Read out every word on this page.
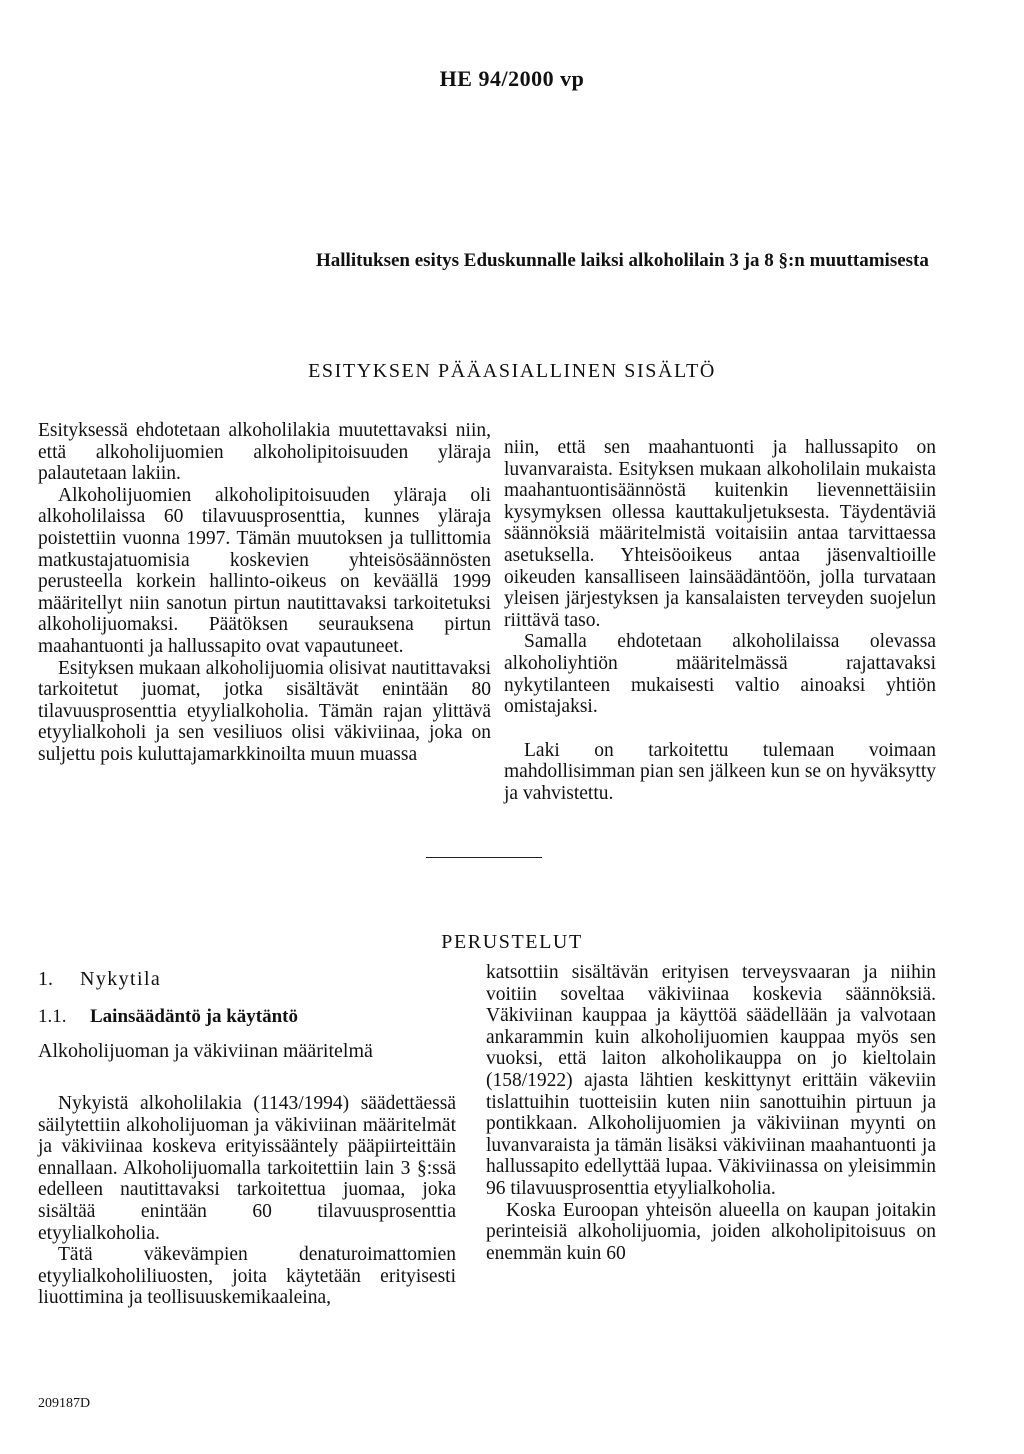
HE 94/2000 vp
Hallituksen esitys Eduskunnalle laiksi alkoholilain 3 ja 8 §:n muuttamisesta
ESITYKSEN PÄÄASIALLINEN SISÄLTÖ

Esityksessä ehdotetaan alkoholilakia muutettavaksi niin, että alkoholijuomien alkoholipitoisuuden yläraja palautetaan lakiin.

Alkoholijuomien alkoholipitoisuuden yläraja oli alkoholilaissa 60 tilavuusprosenttia, kunnes yläraja poistettiin vuonna 1997. Tämän muutoksen ja tullittomia matkustajatuomisia koskevien yhteisösäännösten perusteella korkein hallinto-oikeus on keväällä 1999 määritellyt niin sanotun pirtun nautittavaksi tarkoitetuksi alkoholijuomaksi. Päätöksen seurauksena pirtun maahantuonti ja hallussapito ovat vapautuneet.

Esityksen mukaan alkoholijuomia olisivat nautittavaksi tarkoitetut juomat, jotka sisältävät enintään 80 tilavuusprosenttia etyylialkoholia. Tämän rajan ylittävä etyylialkoholi ja sen vesiliuos olisi väkiviinaa, joka on suljettu pois kuluttajamarkkinoilta muun muassa

niin, että sen maahantuonti ja hallussapito on luvanvaraista. Esityksen mukaan alkoholilain mukaista maahantuontisäännöstä kuitenkin lievennettäisiin kysymyksen ollessa kauttakuljetuksesta. Täydentäviä säännöksiä määritelmistä voitaisiin antaa tarvittaessa asetuksella. Yhteisöoikeus antaa jäsenvaltioille oikeuden kansalliseen lainsäädäntöön, jolla turvataan yleisen järjestyksen ja kansalaisten terveyden suojelun riittävä taso.

Samalla ehdotetaan alkoholilaissa olevassa alkoholiyhtiön määritelmässä rajattavaksi nykytilanteen mukaisesti valtio ainoaksi yhtiön omistajaksi.

Laki on tarkoitettu tulemaan voimaan mahdollisimman pian sen jälkeen kun se on hyväksytty ja vahvistettu.

PERUSTELUT
1. Nykytila
1.1. Lainsäädäntö ja käytäntö
Alkoholijuoman ja väkiviinan määritelmä

Nykyistä alkoholilakia (1143/1994) säädettäessä säilytettiin alkoholijuoman ja väkiviinan määritelmät ja väkiviinaa koskeva erityissääntely pääpiirteittäin ennallaan. Alkoholijuomalla tarkoitettiin lain 3 §:ssä edelleen nautittavaksi tarkoitettua juomaa, joka sisältää enintään 60 tilavuusprosenttia etyylialkoholia.

Tätä väkevämpien denaturoimattomien etyylialkoholiliuosten, joita käytetään erityisesti liuottimina ja teollisuuskemikaaleina,

katsottiin sisältävän erityisen terveysvaaran ja niihin voitiin soveltaa väkiviinaa koskevia säännöksiä. Väkiviinan kauppaa ja käyttöä säädellään ja valvotaan ankarammin kuin alkoholijuomien kauppaa myös sen vuoksi, että laiton alkoholikauppa on jo kieltolain (158/1922) ajasta lähtien keskittynyt erittäin väkeviin tislattuihin tuotteisiin kuten niin sanottuihin pirtuun ja pontikkaan. Alkoholijuomien ja väkiviinan myynti on luvanvaraista ja tämän lisäksi väkiviinan maahantuonti ja hallussapito edellyttää lupaa. Väkiviinassa on yleisimmin 96 tilavuusprosenttia etyylialkoholia.

Koska Euroopan yhteisön alueella on kaupan joitakin perinteisiä alkoholijuomia, joiden alkoholipitoisuus on enemmän kuin 60

209187D
